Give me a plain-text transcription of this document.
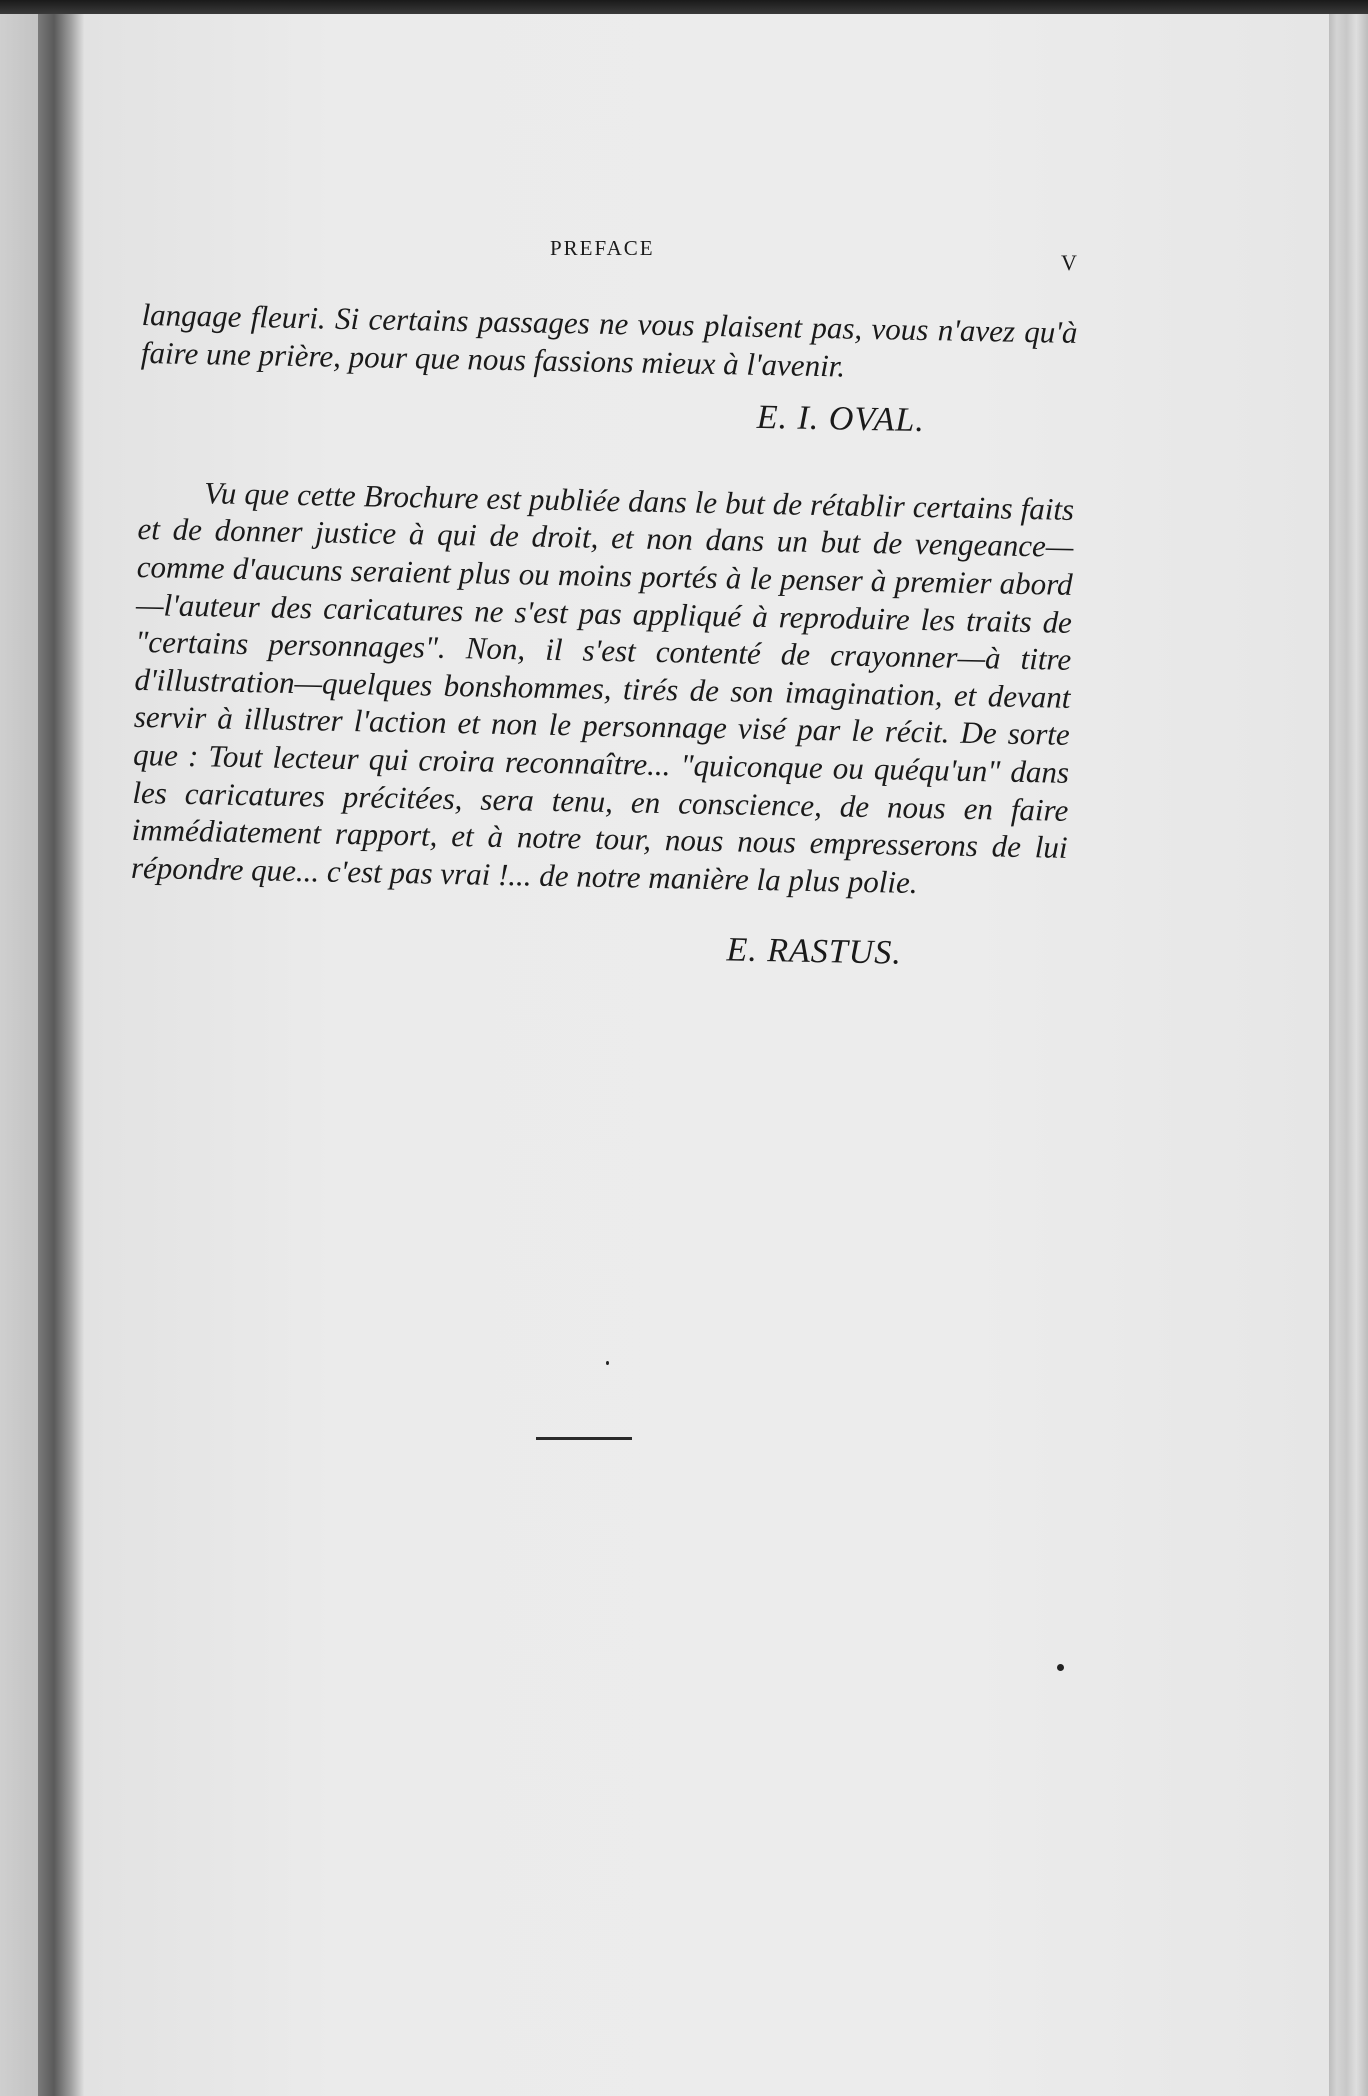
PREFACE
V

langage fleuri. Si certains passages ne vous plaisent pas, vous n'avez qu'à faire une prière, pour que nous fassions mieux à l'avenir.

E. I. OVAL.

Vu que cette Brochure est publiée dans le but de rétablir certains faits et de donner justice à qui de droit, et non dans un but de vengeance—comme d'aucuns seraient plus ou moins portés à le penser à premier abord—l'auteur des caricatures ne s'est pas appliqué à reproduire les traits de "certains personnages". Non, il s'est contenté de crayonner—à titre d'illustration—quelques bonshommes, tirés de son imagination, et devant servir à illustrer l'action et non le personnage visé par le récit. De sorte que : Tout lecteur qui croira reconnaître... "quiconque ou quéqu'un" dans les caricatures précitées, sera tenu, en conscience, de nous en faire immédiatement rapport, et à notre tour, nous nous empresserons de lui répondre que... c'est pas vrai !... de notre manière la plus polie.

E. RASTUS.
